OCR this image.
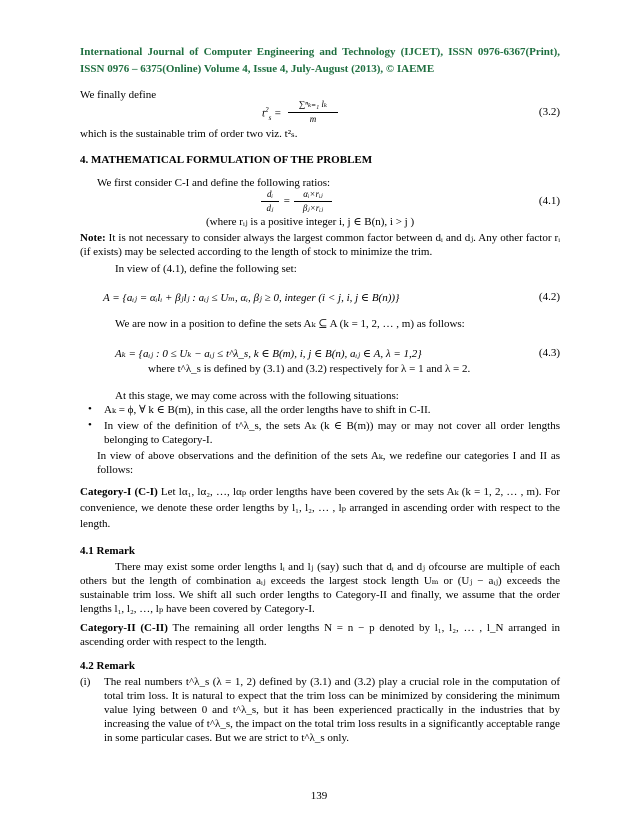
International Journal of Computer Engineering and Technology (IJCET), ISSN 0976-6367(Print), ISSN 0976 – 6375(Online) Volume 4, Issue 4, July-August (2013), © IAEME
We finally define
$t^2_s$ =
∑ⁿₖ₌₁ lₖ
m
(3.2)
which is the sustainable trim of order two viz. t²ₛ.
4. MATHEMATICAL FORMULATION OF THE PROBLEM
We first consider C-I and define the following ratios:
dᵢ
dⱼ
=
αᵢ×rᵢⱼ
βⱼ×rᵢⱼ
(4.1)
(where rᵢⱼ is a positive integer i, j ∈ B(n), i > j )
Note: It is not necessary to consider always the largest common factor between dᵢ and dⱼ. Any other factor rᵢ (if exists) may be selected according to the length of stock to minimize the trim.
In view of (4.1), define the following set:
A = {aᵢⱼ = αᵢlᵢ + βⱼlⱼ : aᵢⱼ ≤ Uₘ, αᵢ, βⱼ ≥ 0, integer (i < j, i, j ∈ B(n))}	(4.2)
We are now in a position to define the sets Aₖ ⊆ A (k = 1, 2, … , m) as follows:
Aₖ = {aᵢⱼ : 0 ≤ Uₖ − aᵢⱼ ≤ t^λ_s, k ∈ B(m), i, j ∈ B(n), aᵢⱼ ∈ A, λ = 1,2}	(4.3)
where t^λ_s is defined by (3.1) and (3.2) respectively for λ = 1 and λ = 2.
At this stage, we may come across with the following situations:
• Aₖ = ϕ, ∀ k ∈ B(m), in this case, all the order lengths have to shift in C-II.
• In view of the definition of t^λ_s, the sets Aₖ (k ∈ B(m)) may or may not cover all order lengths belonging to Category-I.
In view of above observations and the definition of the sets Aₖ, we redefine our categories I and II as follows:
Category-I (C-I) Let lα₁, lα₂, …, lαₚ order lengths have been covered by the sets Aₖ (k = 1, 2, … , m). For convenience, we denote these order lengths by l₁, l₂, … , lₚ arranged in ascending order with respect to the length.
4.1 Remark
There may exist some order lengths lᵢ and lⱼ (say) such that dᵢ and dⱼ ofcourse are multiple of each others but the length of combination aᵢⱼ exceeds the largest stock length Uₘ or (Uⱼ − aᵢⱼ) exceeds the sustainable trim loss. We shift all such order lengths to Category-II and finally, we assume that the order lengths l₁, l₂, …, lₚ have been covered by Category-I.
Category-II (C-II) The remaining all order lengths N = n − p denoted by l₁, l₂, … , l_N arranged in ascending order with respect to the length.
4.2 Remark
(i) The real numbers t^λ_s (λ = 1, 2) defined by (3.1) and (3.2) play a crucial role in the computation of total trim loss. It is natural to expect that the trim loss can be minimized by considering the minimum value lying between 0 and t^λ_s, but it has been experienced practically in the industries that by increasing the value of t^λ_s, the impact on the total trim loss results in a significantly acceptable range in some particular cases. But we are strict to t^λ_s only.
139
